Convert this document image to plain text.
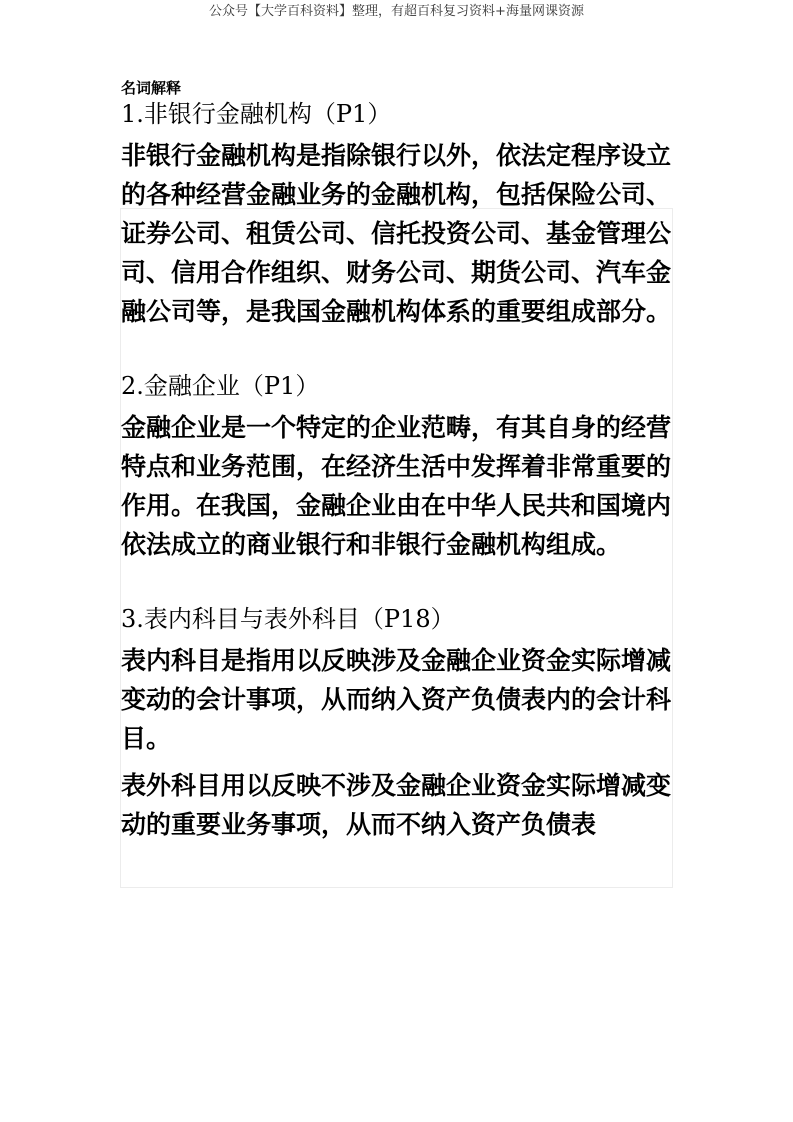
公众号【大学百科资料】整理，有超百科复习资料+海量网课资源

名词解释

1.非银行金融机构（P1）

非银行金融机构是指除银行以外，依法定程序设立的各种经营金融业务的金融机构，包括保险公司、证券公司、租赁公司、信托投资公司、基金管理公司、信用合作组织、财务公司、期货公司、汽车金融公司等，是我国金融机构体系的重要组成部分。

2.金融企业（P1）

金融企业是一个特定的企业范畴，有其自身的经营特点和业务范围，在经济生活中发挥着非常重要的作用。在我国，金融企业由在中华人民共和国境内依法成立的商业银行和非银行金融机构组成。

3.表内科目与表外科目（P18）

表内科目是指用以反映涉及金融企业资金实际增减变动的会计事项，从而纳入资产负债表内的会计科目。

表外科目用以反映不涉及金融企业资金实际增减变动的重要业务事项，从而不纳入资产负债表
